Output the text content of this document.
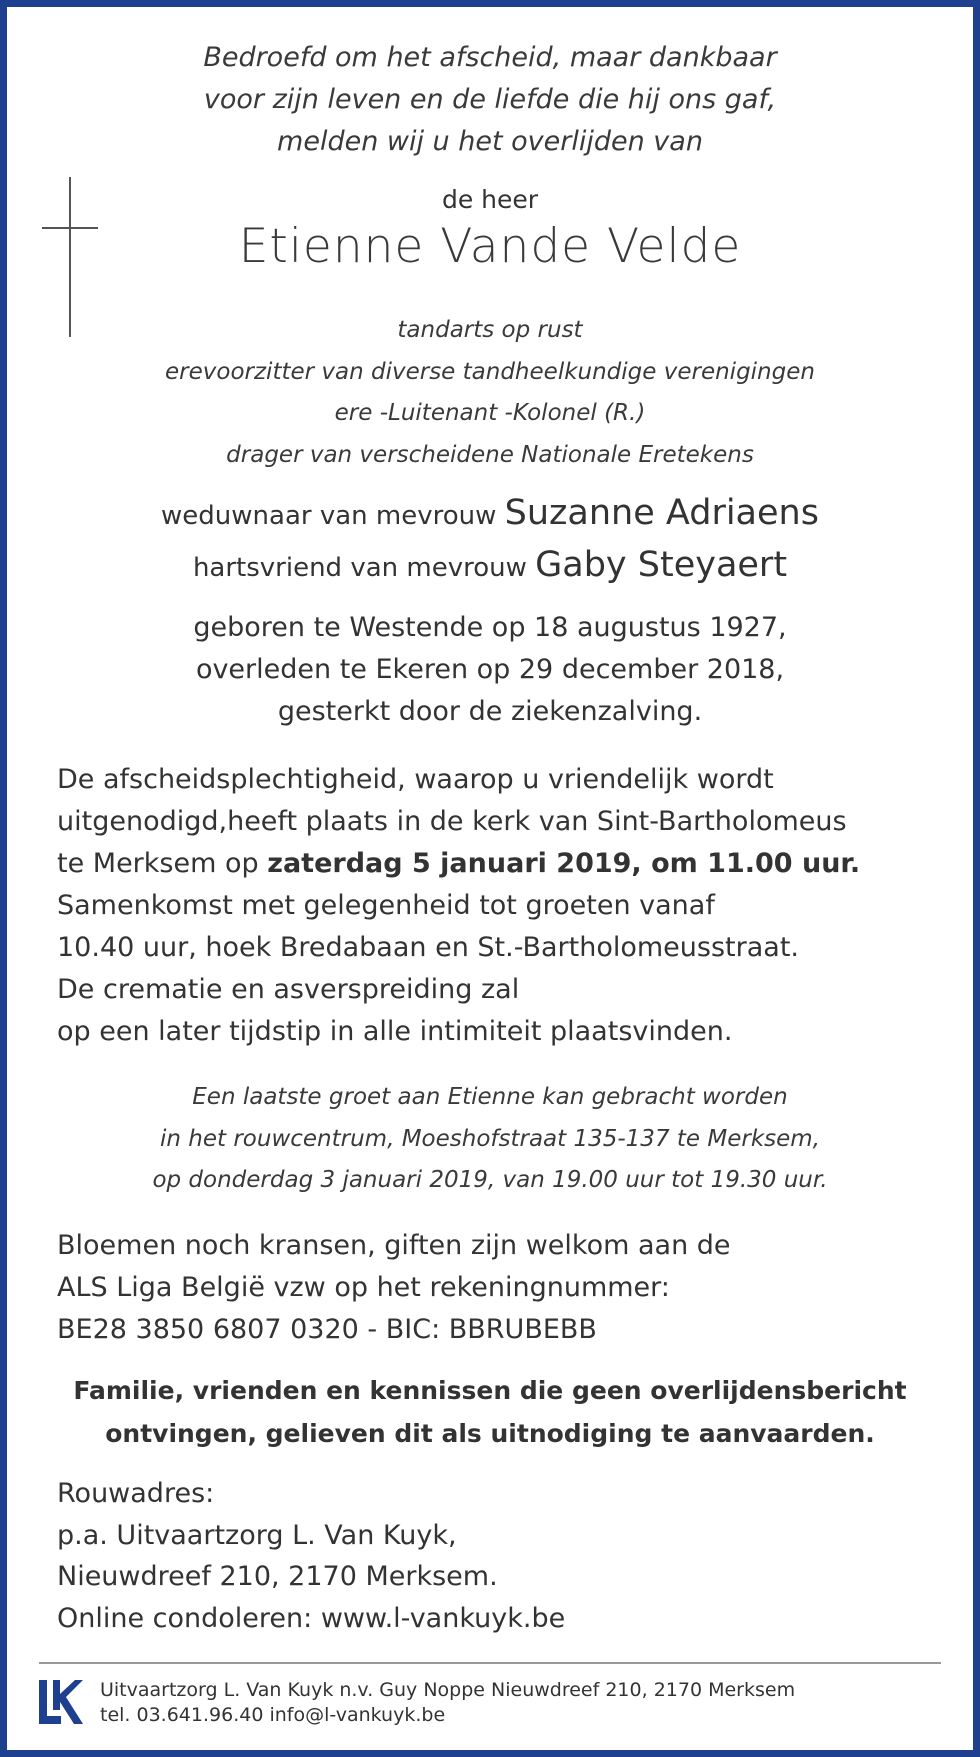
Bedroefd om het afscheid, maar dankbaar
voor zijn leven en de liefde die hij ons gaf,
melden wij u het overlijden van
de heer
Etienne Vande Velde
tandarts op rust
erevoorzitter van diverse tandheelkundige verenigingen
ere -Luitenant -Kolonel (R.)
drager van verscheidene Nationale Eretekens
weduwnaar van mevrouw Suzanne Adriaens
hartsvriend van mevrouw Gaby Steyaert
geboren te Westende op 18 augustus 1927,
overleden te Ekeren op 29 december 2018,
gesterkt door de ziekenzalving.
De afscheidsplechtigheid, waarop u vriendelijk wordt
uitgenodigd,heeft plaats in de kerk van Sint-Bartholomeus
te Merksem op zaterdag 5 januari 2019, om 11.00 uur.
Samenkomst met gelegenheid tot groeten vanaf
10.40 uur, hoek Bredabaan en St.-Bartholomeusstraat.
De crematie en asverspreiding zal
op een later tijdstip in alle intimiteit plaatsvinden.
Een laatste groet aan Etienne kan gebracht worden
in het rouwcentrum, Moeshofstraat 135-137 te Merksem,
op donderdag 3 januari 2019, van 19.00 uur tot 19.30 uur.
Bloemen noch kransen, giften zijn welkom aan de
ALS Liga België vzw op het rekeningnummer:
BE28 3850 6807 0320 - BIC: BBRUBEBB
Familie, vrienden en kennissen die geen overlijdensbericht
ontvingen, gelieven dit als uitnodiging te aanvaarden.
Rouwadres:
p.a. Uitvaartzorg L. Van Kuyk,
Nieuwdreef 210, 2170 Merksem.
Online condoleren: www.l-vankuyk.be
Uitvaartzorg L. Van Kuyk n.v. Guy Noppe Nieuwdreef 210, 2170 Merksem
tel. 03.641.96.40 info@l-vankuyk.be
